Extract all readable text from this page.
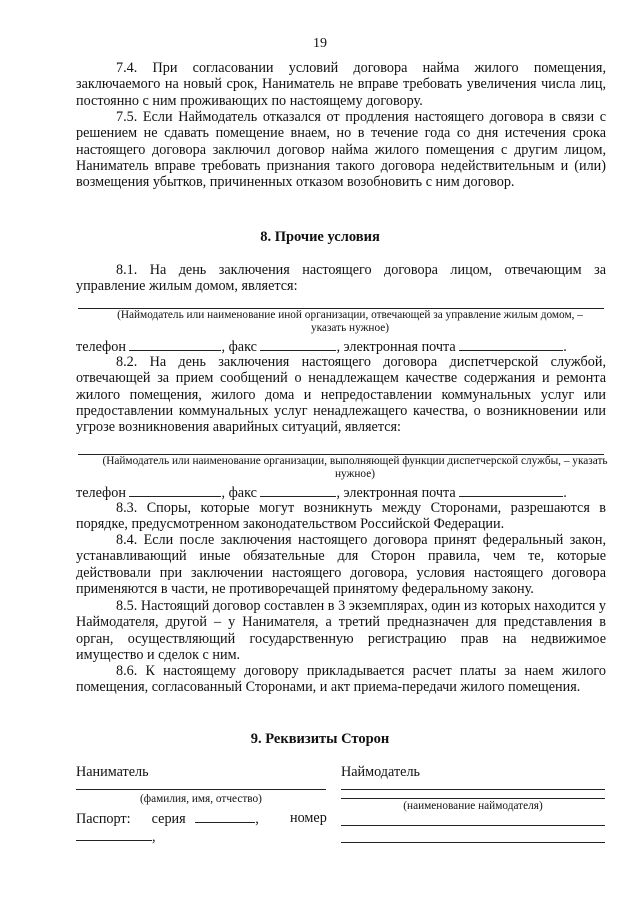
19

7.4. При согласовании условий договора найма жилого помещения, заключаемого на новый срок, Наниматель не вправе требовать увеличения числа лиц, постоянно с ним проживающих по настоящему договору.

7.5. Если Наймодатель отказался от продления настоящего договора в связи с решением не сдавать помещение внаем, но в течение года со дня истечения срока настоящего договора заключил договор найма жилого помещения с другим лицом, Наниматель вправе требовать признания такого договора недействительным и (или) возмещения убытков, причиненных отказом возобновить с ним договор.

8. Прочие условия

8.1. На день заключения настоящего договора лицом, отвечающим за управление жилым домом, является:

(Наймодатель или наименование иной организации, отвечающей за управление жилым домом, – указать нужное)
телефон	, факс	, электронная почта	.

8.2. На день заключения настоящего договора диспетчерской службой, отвечающей за прием сообщений о ненадлежащем качестве содержания и ремонта жилого помещения, жилого дома и непредоставлении коммунальных услуг или предоставлении коммунальных услуг ненадлежащего качества, о возникновении или угрозе возникновения аварийных ситуаций, является:

(Наймодатель или наименование организации, выполняющей функции диспетчерской службы, – указать нужное)
телефон	, факс	, электронная почта	.

8.3. Споры, которые могут возникнуть между Сторонами, разрешаются в порядке, предусмотренном законодательством Российской Федерации.

8.4. Если после заключения настоящего договора принят федеральный закон, устанавливающий иные обязательные для Сторон правила, чем те, которые действовали при заключении настоящего договора, условия настоящего договора применяются в части, не противоречащей принятому федеральному закону.

8.5. Настоящий договор составлен в 3 экземплярах, один из которых находится у Наймодателя, другой – у Нанимателя, а третий предназначен для представления в орган, осуществляющий государственную регистрацию прав на недвижимое имущество и сделок с ним.

8.6. К настоящему договору прикладывается расчет платы за наем жилого помещения, согласованный Сторонами, и акт приема-передачи жилого помещения.

9. Реквизиты Сторон
Наниматель	Наймодатель
(фамилия, имя, отчество)
(наименование наймодателя)
Паспорт: серия	, номер
,
